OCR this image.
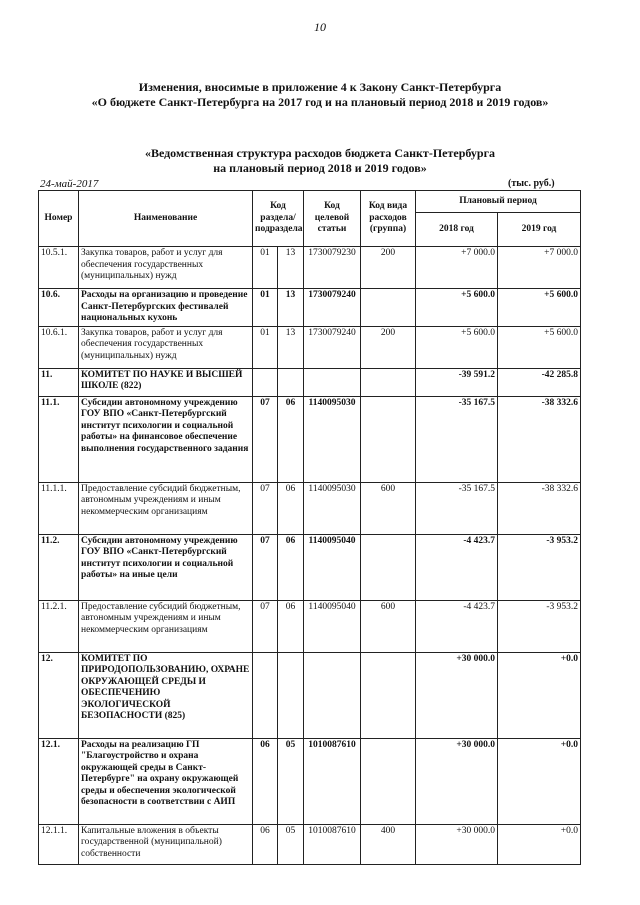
10
Изменения, вносимые в приложение 4 к Закону Санкт-Петербурга
«О бюджете Санкт-Петербурга на 2017 год и на плановый период 2018 и 2019 годов»
«Ведомственная структура расходов бюджета Санкт-Петербурга
на плановый период 2018 и 2019 годов»
24-май-2017	(тыс. руб.)
Номер	Наименование	Код раздела/ подраздела		Код целевой статьи	Код вида расходов (группа)	Плановый период	
						2018 год	2019 год
10.5.1.	Закупка товаров, работ и услуг для обеспечения государственных (муниципальных) нужд	01	13	1730079230	200	+7 000.0	+7 000.0
10.6.	Расходы на организацию и проведение Санкт-Петербургских фестивалей национальных кухонь	01	13	1730079240		+5 600.0	+5 600.0
10.6.1.	Закупка товаров, работ и услуг для обеспечения государственных (муниципальных) нужд	01	13	1730079240	200	+5 600.0	+5 600.0
11.	КОМИТЕТ ПО НАУКЕ И ВЫСШЕЙ ШКОЛЕ (822)					-39 591.2	-42 285.8
11.1.	Субсидии автономному учреждению ГОУ ВПО «Санкт-Петербургский институт психологии и социальной работы» на финансовое обеспечение выполнения государственного задания	07	06	1140095030		-35 167.5	-38 332.6
11.1.1.	Предоставление субсидий бюджетным, автономным учреждениям и иным некоммерческим организациям	07	06	1140095030	600	-35 167.5	-38 332.6
11.2.	Субсидии автономному учреждению ГОУ ВПО «Санкт-Петербургский институт психологии и социальной работы» на иные цели	07	06	1140095040		-4 423.7	-3 953.2
11.2.1.	Предоставление субсидий бюджетным, автономным учреждениям и иным некоммерческим организациям	07	06	1140095040	600	-4 423.7	-3 953.2
12.	КОМИТЕТ ПО ПРИРОДОПОЛЬЗОВАНИЮ, ОХРАНЕ ОКРУЖАЮЩЕЙ СРЕДЫ И ОБЕСПЕЧЕНИЮ ЭКОЛОГИЧЕСКОЙ БЕЗОПАСНОСТИ (825)					+30 000.0	+0.0
12.1.	Расходы на реализацию ГП "Благоустройство и охрана окружающей среды в Санкт-Петербурге" на охрану окружающей среды и обеспечения экологической безопасности в соответствии с АИП	06	05	1010087610		+30 000.0	+0.0
12.1.1.	Капитальные вложения в объекты государственной (муниципальной) собственности	06	05	1010087610	400	+30 000.0	+0.0
